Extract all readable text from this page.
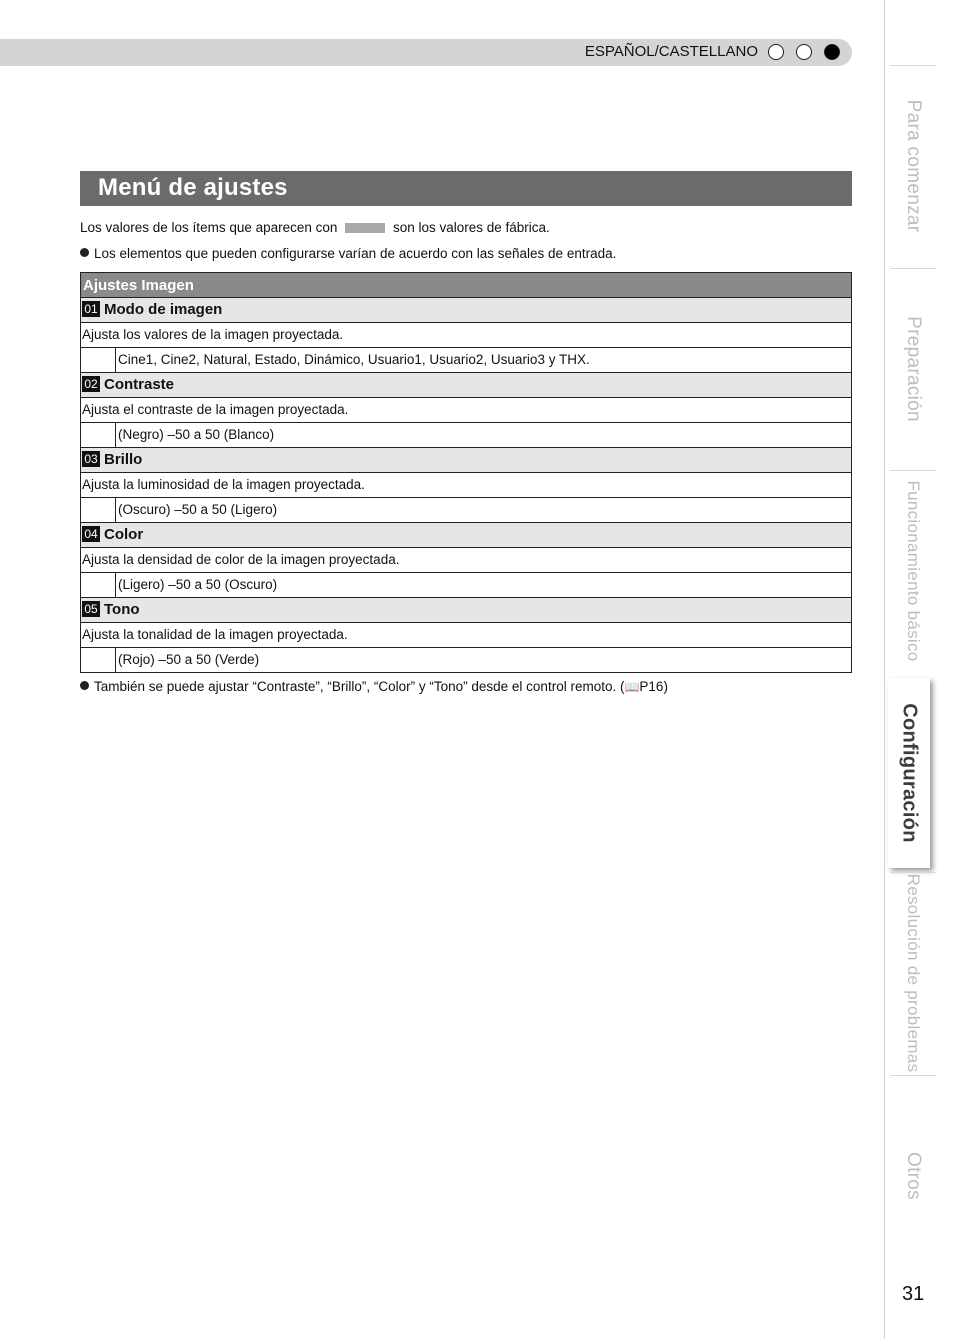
ESPAÑOL/CASTELLANO
Menú de ajustes
Los valores de los ítems que aparecen con	son los valores de fábrica.
Los elementos que pueden configurarse varían de acuerdo con las señales de entrada.
Ajustes Imagen
01 Modo de imagen
Ajusta los valores de la imagen proyectada.
Cine1, Cine2, Natural, Estado, Dinámico, Usuario1, Usuario2, Usuario3 y THX.
02 Contraste
Ajusta el contraste de la imagen proyectada.
(Negro) –50 a 50 (Blanco)
03 Brillo
Ajusta la luminosidad de la imagen proyectada.
(Oscuro) –50 a 50 (Ligero)
04 Color
Ajusta la densidad de color de la imagen proyectada.
(Ligero) –50 a 50 (Oscuro)
05 Tono
Ajusta la tonalidad de la imagen proyectada.
(Rojo) –50 a 50 (Verde)
También se puede ajustar “Contraste”, “Brillo”, “Color” y “Tono” desde el control remoto. (📖P16)
Para comenzar
Preparación
Funcionamiento básico
Configuración
Resolución de problemas
Otros
31
